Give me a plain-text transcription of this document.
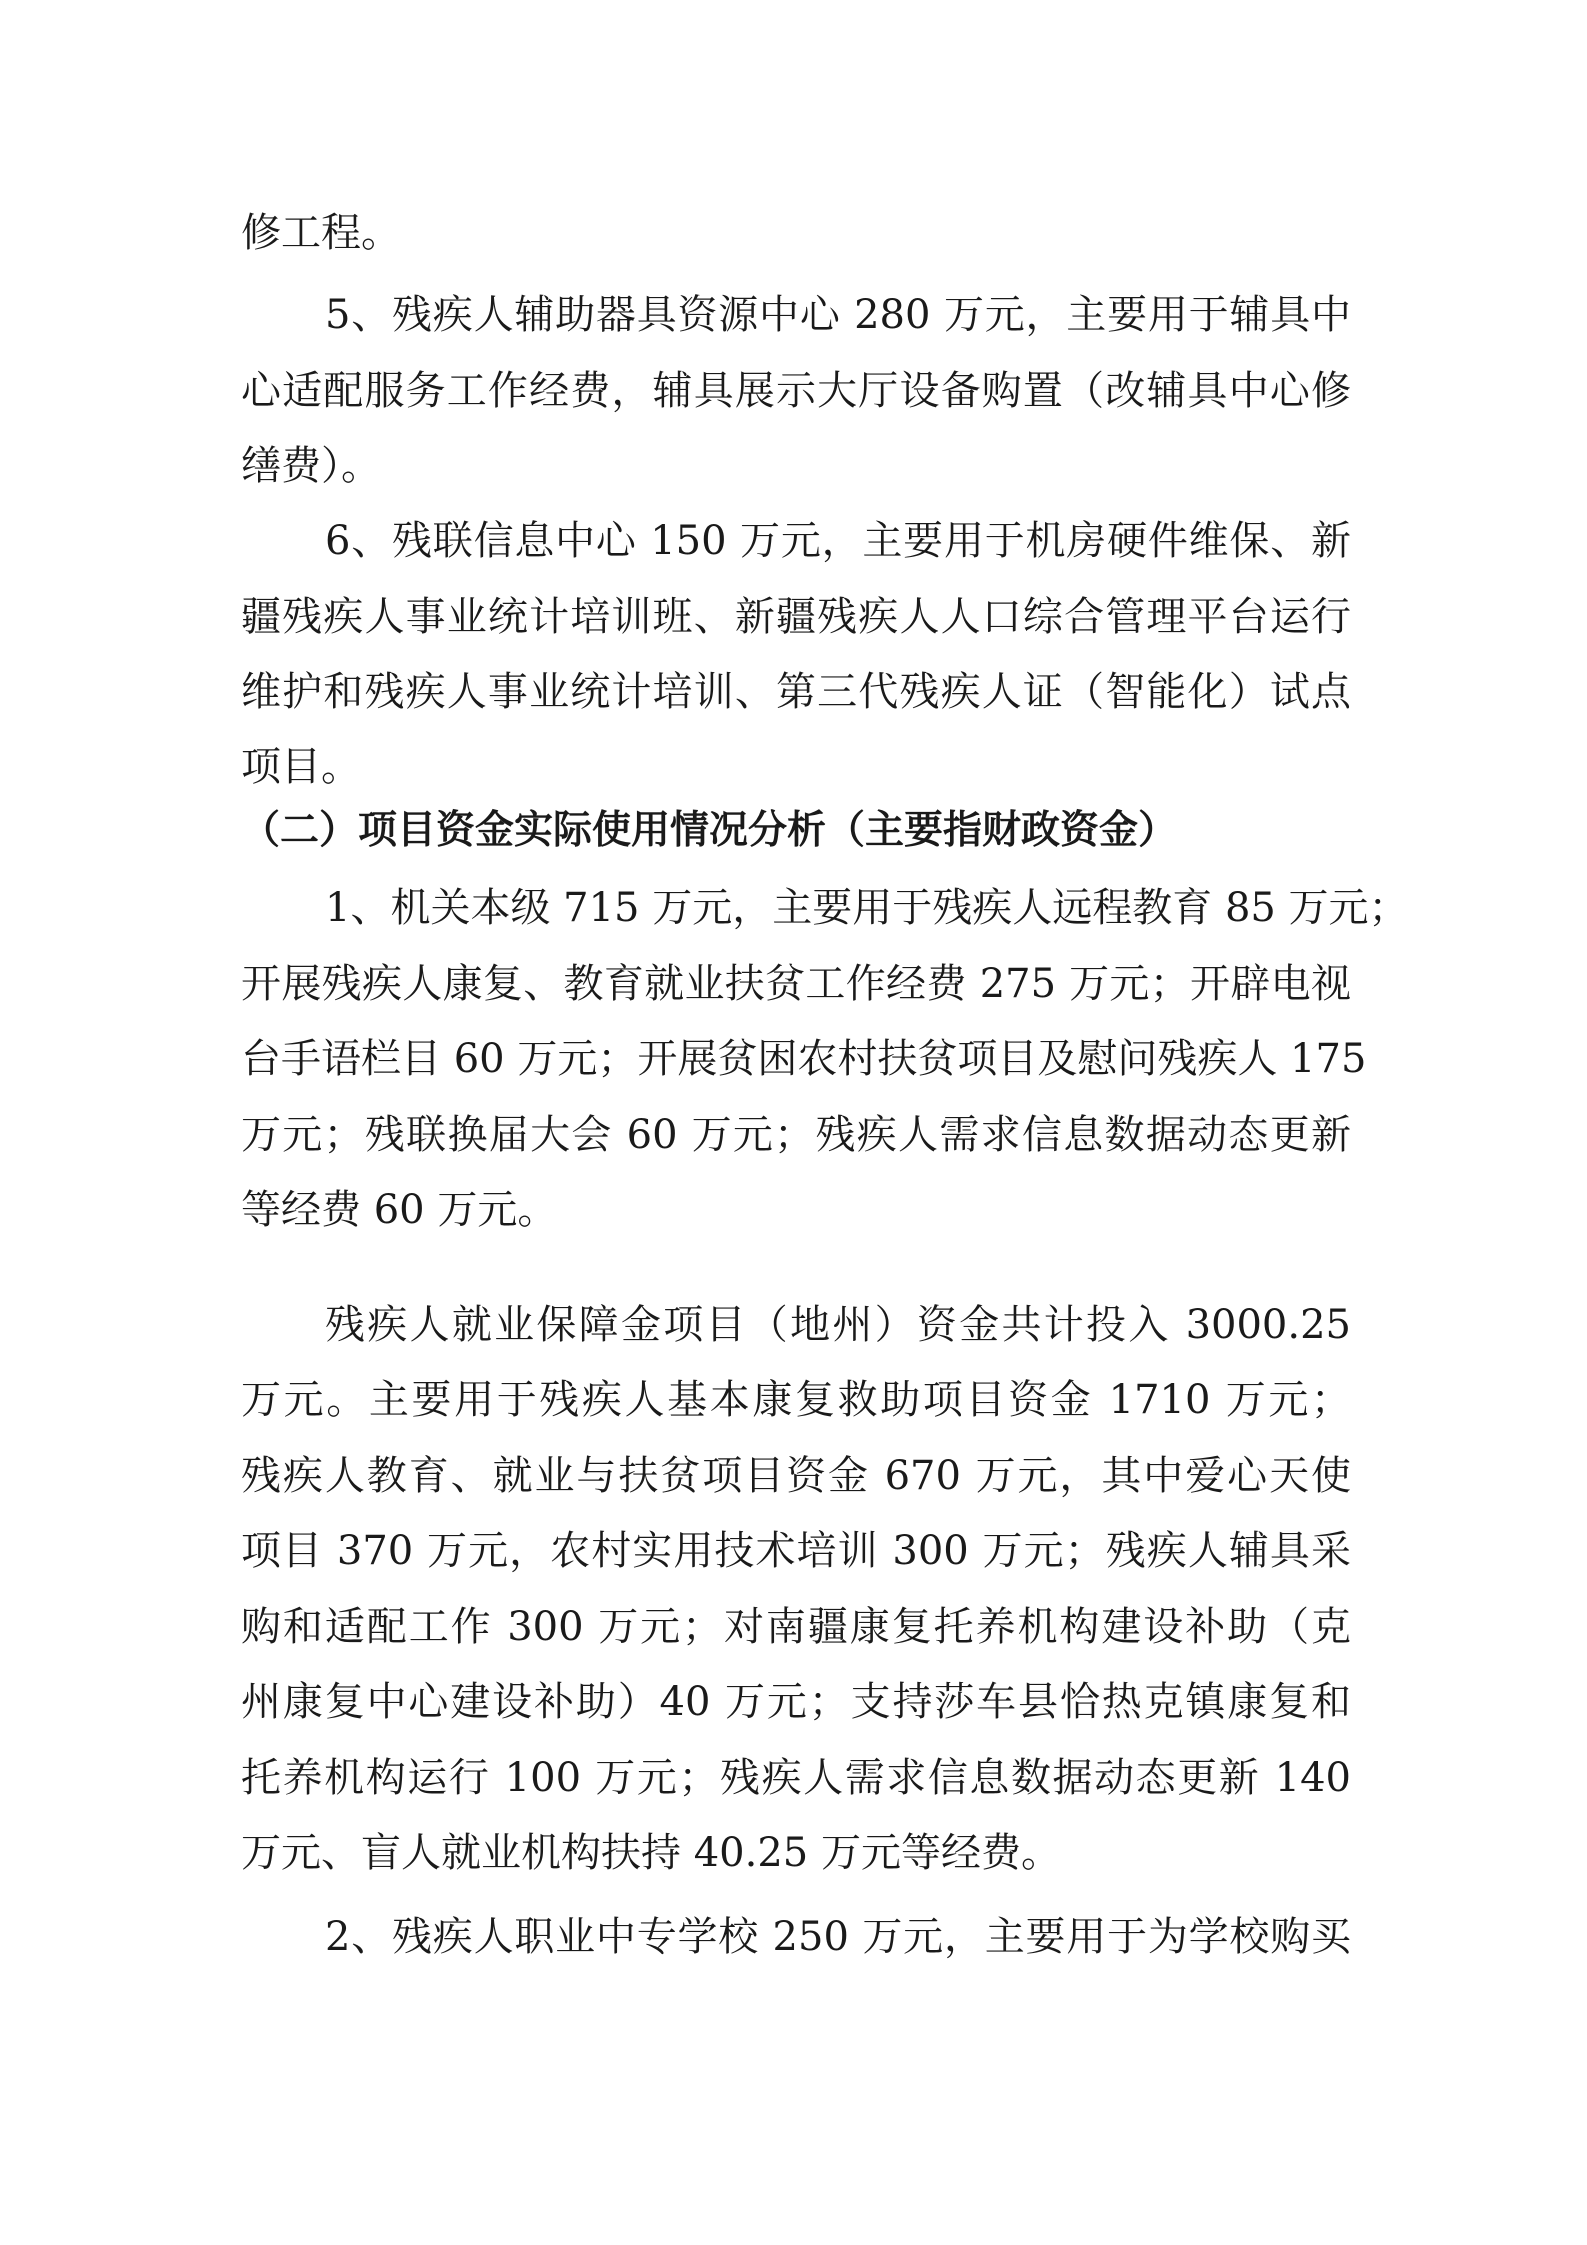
修工程。

5、残疾人辅助器具资源中心 280 万元，主要用于辅具中

心适配服务工作经费，辅具展示大厅设备购置（改辅具中心修

缮费）。

6、残联信息中心 150 万元，主要用于机房硬件维保、新

疆残疾人事业统计培训班、新疆残疾人人口综合管理平台运行

维护和残疾人事业统计培训、第三代残疾人证（智能化）试点

项目。

（二）项目资金实际使用情况分析（主要指财政资金）

1、机关本级 715 万元，主要用于残疾人远程教育 85 万元；

开展残疾人康复、教育就业扶贫工作经费 275 万元；开辟电视

台手语栏目 60 万元；开展贫困农村扶贫项目及慰问残疾人 175

万元；残联换届大会 60 万元；残疾人需求信息数据动态更新

等经费 60 万元。

残疾人就业保障金项目（地州）资金共计投入 3000.25

万元。主要用于残疾人基本康复救助项目资金 1710 万元；

残疾人教育、就业与扶贫项目资金 670 万元，其中爱心天使

项目 370 万元，农村实用技术培训 300 万元；残疾人辅具采

购和适配工作 300 万元；对南疆康复托养机构建设补助（克

州康复中心建设补助）40 万元；支持莎车县恰热克镇康复和

托养机构运行 100 万元；残疾人需求信息数据动态更新 140

万元、盲人就业机构扶持 40.25 万元等经费。

2、残疾人职业中专学校 250 万元，主要用于为学校购买
